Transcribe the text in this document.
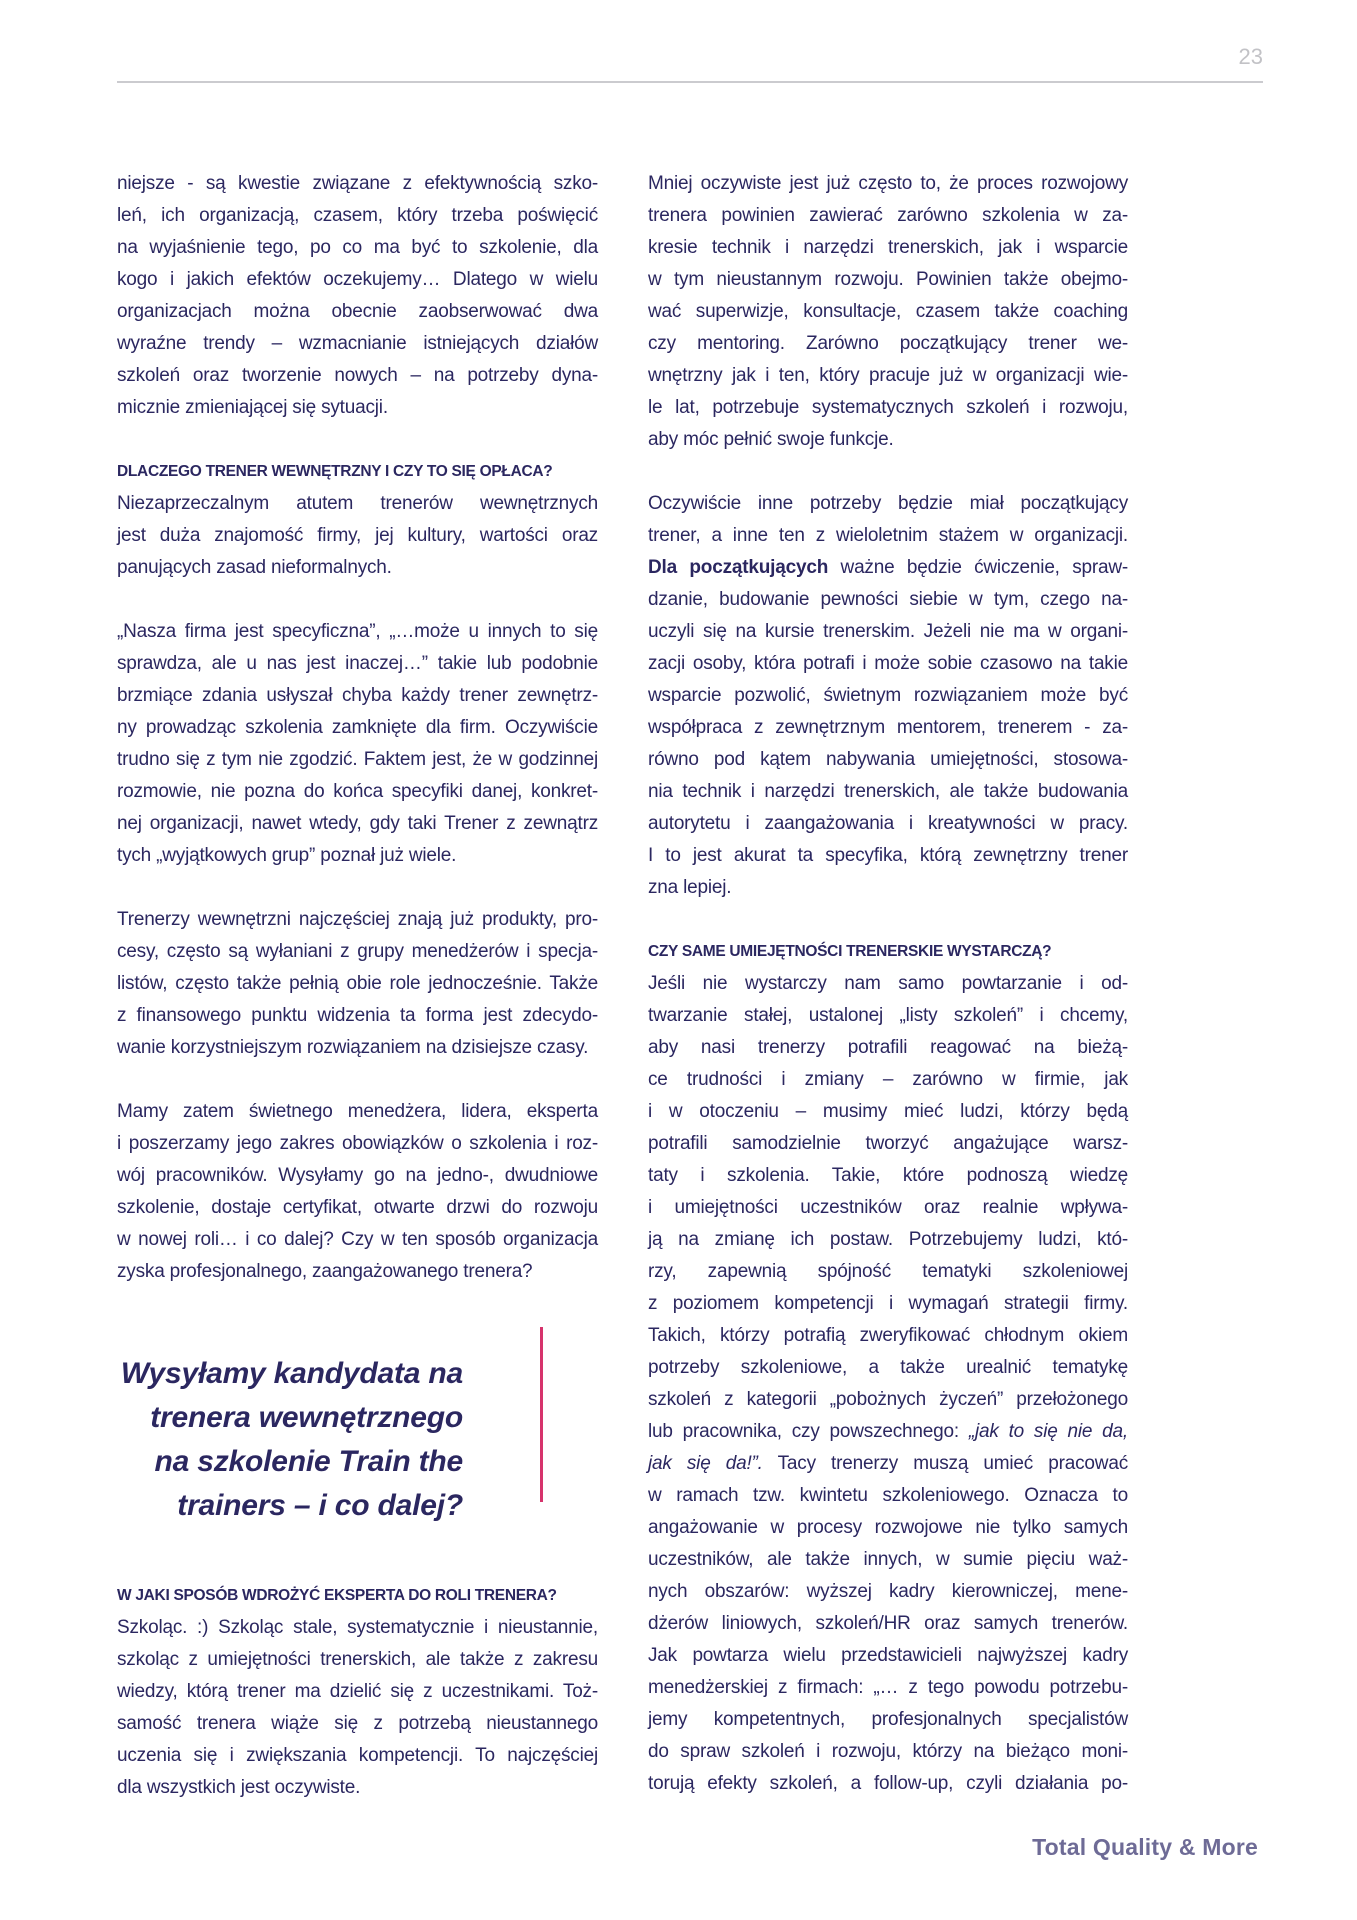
23
niejsze - są kwestie związane z efektywnością szko-
leń, ich organizacją, czasem, który trzeba poświęcić
na wyjaśnienie tego, po co ma być to szkolenie, dla
kogo i jakich efektów oczekujemy… Dlatego w wielu
organizacjach można obecnie zaobserwować dwa
wyraźne trendy – wzmacnianie istniejących działów
szkoleń oraz tworzenie nowych – na potrzeby dyna-
micznie zmieniającej się sytuacji.
DLACZEGO TRENER WEWNĘTRZNY I CZY TO SIĘ OPŁACA?
Niezaprzeczalnym atutem trenerów wewnętrznych
jest duża znajomość firmy, jej kultury, wartości oraz
panujących zasad nieformalnych.
„Nasza firma jest specyficzna”, „…może u innych to się
sprawdza, ale u nas jest inaczej…” takie lub podobnie
brzmiące zdania usłyszał chyba każdy trener zewnętrz-
ny prowadząc szkolenia zamknięte dla firm. Oczywiście
trudno się z tym nie zgodzić. Faktem jest, że w godzinnej
rozmowie, nie pozna do końca specyfiki danej, konkret-
nej organizacji, nawet wtedy, gdy taki Trener z zewnątrz
tych „wyjątkowych grup” poznał już wiele.
Trenerzy wewnętrzni najczęściej znają już produkty, pro-
cesy, często są wyłaniani z grupy menedżerów i specja-
listów, często także pełnią obie role jednocześnie. Także
z finansowego punktu widzenia ta forma jest zdecydo-
wanie korzystniejszym rozwiązaniem na dzisiejsze czasy.
Mamy zatem świetnego menedżera, lidera, eksperta
i poszerzamy jego zakres obowiązków o szkolenia i roz-
wój pracowników. Wysyłamy go na jedno-, dwudniowe
szkolenie, dostaje certyfikat, otwarte drzwi do rozwoju
w nowej roli… i co dalej? Czy w ten sposób organizacja
zyska profesjonalnego, zaangażowanego trenera?
Wysyłamy kandydata na
trenera wewnętrznego
na szkolenie Train the
trainers – i co dalej?
W JAKI SPOSÓB WDROŻYĆ EKSPERTA DO ROLI TRENERA?
Szkoląc. :) Szkoląc stale, systematycznie i nieustannie,
szkoląc z umiejętności trenerskich, ale także z zakresu
wiedzy, którą trener ma dzielić się z uczestnikami. Toż-
samość trenera wiąże się z potrzebą nieustannego
uczenia się i zwiększania kompetencji. To najczęściej
dla wszystkich jest oczywiste.
Mniej oczywiste jest już często to, że proces rozwojowy
trenera powinien zawierać zarówno szkolenia w za-
kresie technik i narzędzi trenerskich, jak i wsparcie
w tym nieustannym rozwoju. Powinien także obejmo-
wać superwizje, konsultacje, czasem także coaching
czy mentoring. Zarówno początkujący trener we-
wnętrzny jak i ten, który pracuje już w organizacji wie-
le lat, potrzebuje systematycznych szkoleń i rozwoju,
aby móc pełnić swoje funkcje.
Oczywiście inne potrzeby będzie miał początkujący
trener, a inne ten z wieloletnim stażem w organizacji.
Dla początkujących ważne będzie ćwiczenie, spraw-
dzanie, budowanie pewności siebie w tym, czego na-
uczyli się na kursie trenerskim. Jeżeli nie ma w organi-
zacji osoby, która potrafi i może sobie czasowo na takie
wsparcie pozwolić, świetnym rozwiązaniem może być
współpraca z zewnętrznym mentorem, trenerem - za-
równo pod kątem nabywania umiejętności, stosowa-
nia technik i narzędzi trenerskich, ale także budowania
autorytetu i zaangażowania i kreatywności w pracy.
I to jest akurat ta specyfika, którą zewnętrzny trener
zna lepiej.
CZY SAME UMIEJĘTNOŚCI TRENERSKIE WYSTARCZĄ?
Jeśli nie wystarczy nam samo powtarzanie i od-
twarzanie stałej, ustalonej „listy szkoleń” i chcemy,
aby nasi trenerzy potrafili reagować na bieżą-
ce trudności i zmiany – zarówno w firmie, jak
i w otoczeniu – musimy mieć ludzi, którzy będą
potrafili samodzielnie tworzyć angażujące warsz-
taty i szkolenia. Takie, które podnoszą wiedzę
i umiejętności uczestników oraz realnie wpływa-
ją na zmianę ich postaw. Potrzebujemy ludzi, któ-
rzy, zapewnią spójność tematyki szkoleniowej
z poziomem kompetencji i wymagań strategii firmy.
Takich, którzy potrafią zweryfikować chłodnym okiem
potrzeby szkoleniowe, a także urealnić tematykę
szkoleń z kategorii „pobożnych życzeń” przełożonego
lub pracownika, czy powszechnego: „jak to się nie da,
jak się da!”. Tacy trenerzy muszą umieć pracować
w ramach tzw. kwintetu szkoleniowego. Oznacza to
angażowanie w procesy rozwojowe nie tylko samych
uczestników, ale także innych, w sumie pięciu waż-
nych obszarów: wyższej kadry kierowniczej, mene-
dżerów liniowych, szkoleń/HR oraz samych trenerów.
Jak powtarza wielu przedstawicieli najwyższej kadry
menedżerskiej z firmach: „… z tego powodu potrzebu-
jemy kompetentnych, profesjonalnych specjalistów
do spraw szkoleń i rozwoju, którzy na bieżąco moni-
torują efekty szkoleń, a follow-up, czyli działania po-
Total Quality & More
